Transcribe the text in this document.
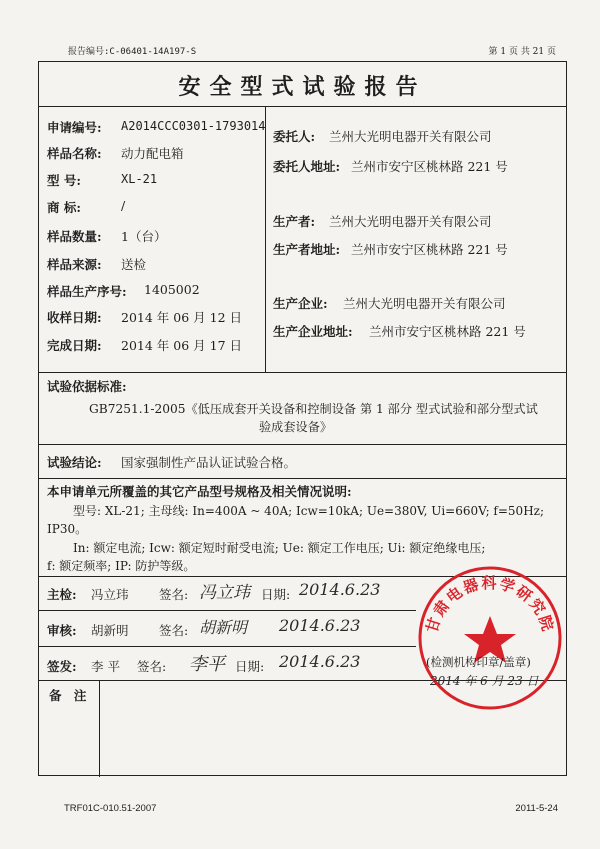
报告编号:C-06401-14A197-S	第 1 页 共 21 页
安全型式试验报告
申请编号: A2014CCC0301-1793014
样品名称: 动力配电箱
型 号:	XL-21
商 标:	/
样品数量: 1（台）
样品来源: 送检
样品生产序号: 1405002
收样日期: 2014 年 06 月 12 日
完成日期: 2014 年 06 月 17 日
委托人: 兰州大光明电器开关有限公司
委托人地址: 兰州市安宁区桃林路 221 号
生产者: 兰州大光明电器开关有限公司
生产者地址: 兰州市安宁区桃林路 221 号
生产企业: 兰州大光明电器开关有限公司
生产企业地址: 兰州市安宁区桃林路 221 号
试验依据标准:
GB7251.1-2005《低压成套开关设备和控制设备 第 1 部分 型式试验和部分型式试
验成套设备》
试验结论: 国家强制性产品认证试验合格。
本申请单元所覆盖的其它产品型号规格及相关情况说明:
型号: XL-21; 主母线: In=400A ~ 40A; Icw=10kA; Ue=380V, Ui=660V; f=50Hz;
IP30。
In: 额定电流; Icw: 额定短时耐受电流; Ue: 额定工作电压; Ui: 额定绝缘电压;
f: 额定频率; IP: 防护等级。
主检: 冯立玮 签名: 冯立玮 日期: 2014.6.23
审核: 胡新明 签名: 胡新明 2014.6.23
签发: 李 平 签名: 李平 日期: 2014.6.23
备 注
甘肃电器科学研究院
(检测机构印章/盖章)
2014 年 6 月 23 日
TRF01C-010.51-2007	2011-5-24
